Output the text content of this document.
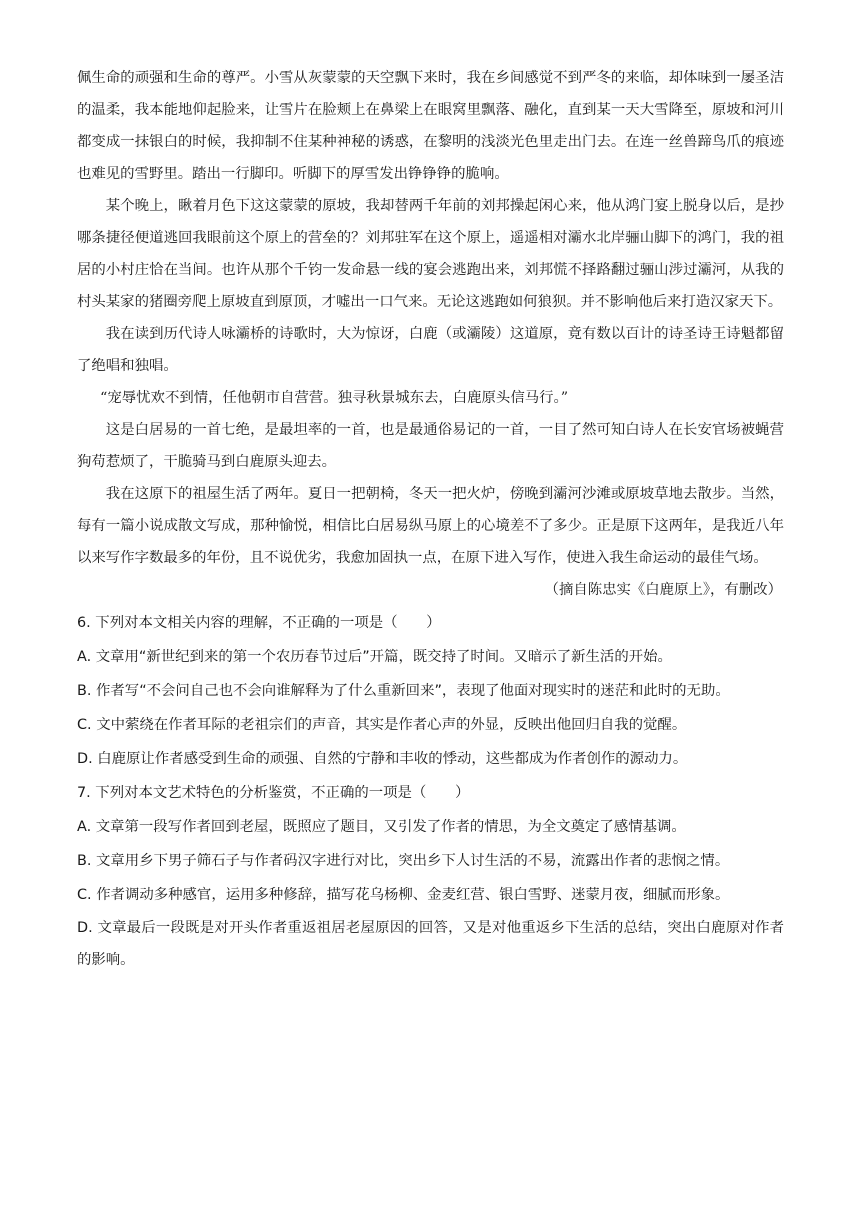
佩生命的顽强和生命的尊严。小雪从灰蒙蒙的天空飘下来时，我在乡间感觉不到严冬的来临，却体味到一屡圣洁的温柔，我本能地仰起脸来，让雪片在脸颊上在鼻梁上在眼窝里飘落、融化，直到某一天大雪降至，原坡和河川都变成一抹银白的时候，我抑制不住某种神秘的诱惑，在黎明的浅淡光色里走出门去。在连一丝兽蹄鸟爪的痕迹也难见的雪野里。踏出一行脚印。听脚下的厚雪发出铮铮铮的脆响。

某个晚上，瞅着月色下这这蒙蒙的原坡，我却替两千年前的刘邦操起闲心来，他从鸿门宴上脱身以后，是抄哪条捷径便道逃回我眼前这个原上的营垒的？刘邦驻军在这个原上，遥遥相对灞水北岸骊山脚下的鸿门，我的祖居的小村庄恰在当间。也许从那个千钧一发命悬一线的宴会逃跑出来，刘邦慌不择路翻过骊山涉过灞河，从我的村头某家的猪圈旁爬上原坡直到原顶，才嘘出一口气来。无论这逃跑如何狼狈。并不影响他后来打造汉家天下。

我在读到历代诗人咏灞桥的诗歌时，大为惊讶，白鹿（或灞陵）这道原，竟有数以百计的诗圣诗王诗魁都留了绝唱和独唱。

“宠辱忧欢不到情，任他朝市自营营。独寻秋景城东去，白鹿原头信马行。”

这是白居易的一首七绝，是最坦率的一首，也是最通俗易记的一首，一目了然可知白诗人在长安官场被蝇营狗苟惹烦了，干脆骑马到白鹿原头迎去。

我在这原下的祖屋生活了两年。夏日一把朝椅，冬天一把火炉，傍晚到灞河沙滩或原坡草地去散步。当然，每有一篇小说成散文写成，那种愉悦，相信比白居易纵马原上的心境差不了多少。正是原下这两年，是我近八年以来写作字数最多的年份，且不说优劣，我愈加固执一点，在原下进入写作，使进入我生命运动的最佳气场。

（摘自陈忠实《白鹿原上》，有删改）

6. 下列对本文相关内容的理解，不正确的一项是（　　）

A. 文章用“新世纪到来的第一个农历春节过后”开篇，既交持了时间。又暗示了新生活的开始。

B. 作者写“不会问自己也不会向谁解释为了什么重新回来”，表现了他面对现实时的迷茫和此时的无助。

C. 文中萦绕在作者耳际的老祖宗们的声音，其实是作者心声的外显，反映出他回归自我的觉醒。

D. 白鹿原让作者感受到生命的顽强、自然的宁静和丰收的悸动，这些都成为作者创作的源动力。

7. 下列对本文艺术特色的分析鉴赏，不正确的一项是（　　）

A. 文章第一段写作者回到老屋，既照应了题目，又引发了作者的情思，为全文奠定了感情基调。

B. 文章用乡下男子筛石子与作者码汉字进行对比，突出乡下人讨生活的不易，流露出作者的悲悯之情。

C. 作者调动多种感官，运用多种修辞，描写花乌杨柳、金麦红营、银白雪野、迷蒙月夜，细腻而形象。

D. 文章最后一段既是对开头作者重返祖居老屋原因的回答，又是对他重返乡下生活的总结，突出白鹿原对作者的影响。
